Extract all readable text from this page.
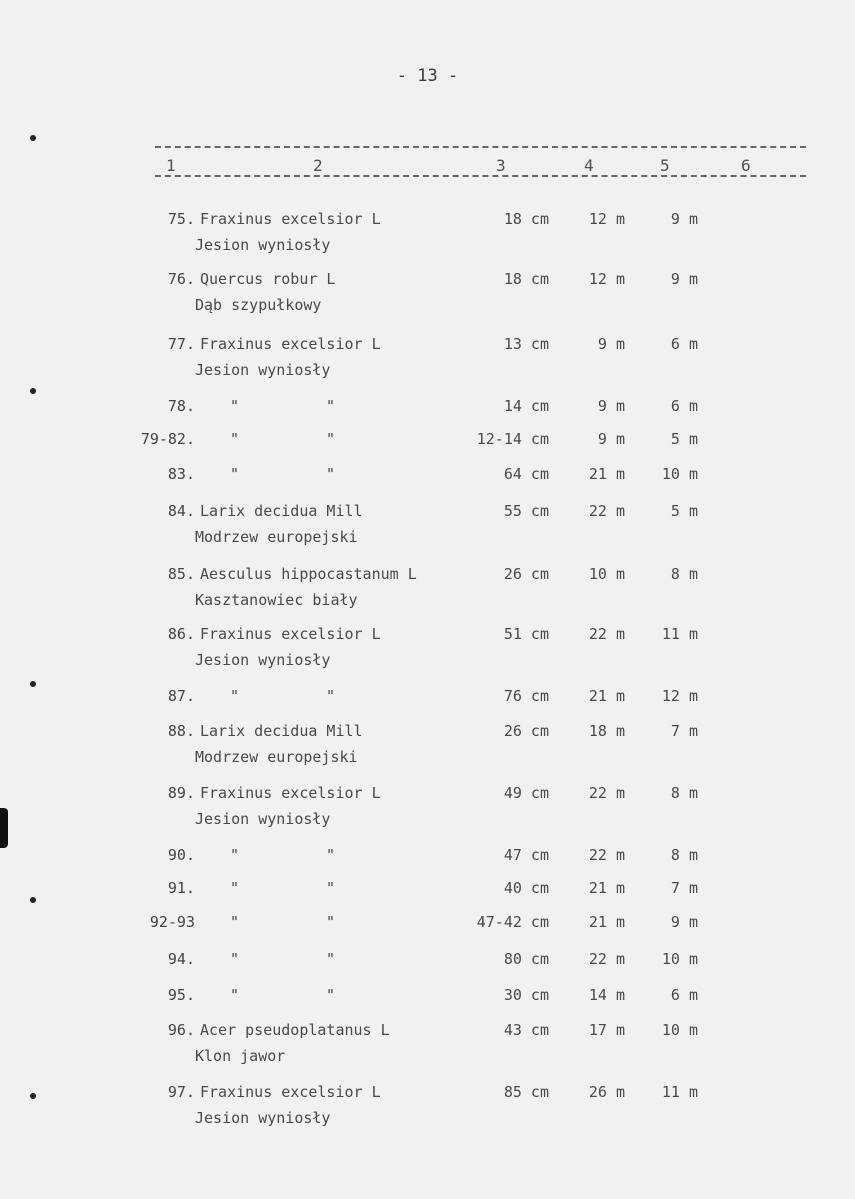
- 13 -
1	2	3	4	5	6
75. Fraxinus excelsior L
Jesion wyniosły
18 cm	12 m	9 m
76. Quercus robur L
Dąb szypułkowy
18 cm	12 m	9 m
77. Fraxinus excelsior L
Jesion wyniosły
13 cm	9 m	6 m
78. "	"	14 cm	9 m	6 m
79-82. "	"	12-14 cm	9 m	5 m
83. "	"	64 cm	21 m 10 m
84. Larix decidua Mill
Modrzew europejski
55 cm	22 m	5 m
85. Aesculus hippocastanum L
Kasztanowiec biały
26 cm	10 m	8 m
86. Fraxinus excelsior L
Jesion wyniosły
51 cm	22 m 11 m
87. "	"	76 cm	21 m 12 m
88. Larix decidua Mill
Modrzew europejski
26 cm	18 m	7 m
89. Fraxinus excelsior L
Jesion wyniosły
49 cm	22 m	8 m
90. "	"	47 cm	22 m	8 m
91. "	"	40 cm	21 m	7 m
92-93 "	"	47-42 cm	21 m	9 m
94. "	"	80 cm	22 m 10 m
95. "	"	30 cm	14 m	6 m
96. Acer pseudoplatanus L
Klon jawor
43 cm	17 m 10 m
97. Fraxinus excelsior L
Jesion wyniosły
85 cm	26 m 11 m
